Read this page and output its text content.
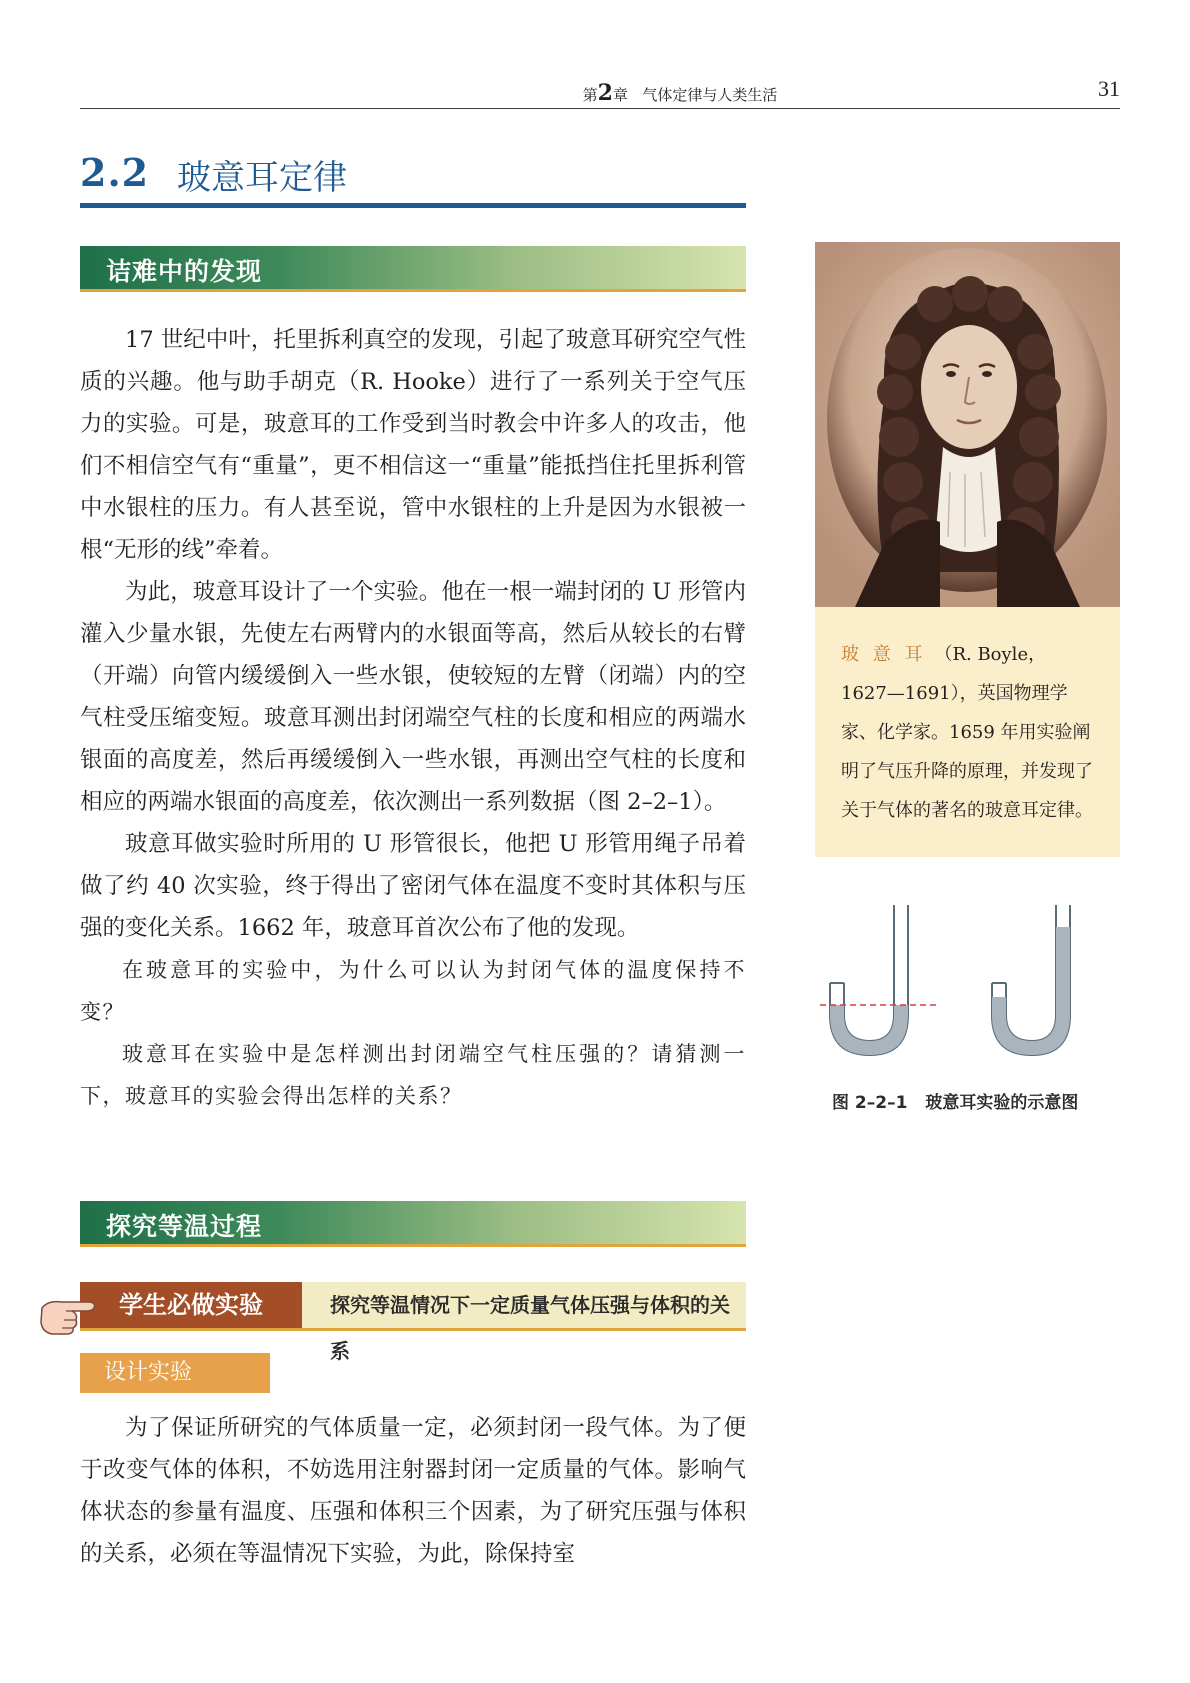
第2章 气体定律与人类生活	31
2.2 玻意耳定律
诘难中的发现

17 世纪中叶，托里拆利真空的发现，引起了玻意耳研究空气性质的兴趣。他与助手胡克（R. Hooke）进行了一系列关于空气压力的实验。可是，玻意耳的工作受到当时教会中许多人的攻击，他们不相信空气有“重量”，更不相信这一“重量”能抵挡住托里拆利管中水银柱的压力。有人甚至说，管中水银柱的上升是因为水银被一根“无形的线”牵着。

为此，玻意耳设计了一个实验。他在一根一端封闭的 U 形管内灌入少量水银，先使左右两臂内的水银面等高，然后从较长的右臂（开端）向管内缓缓倒入一些水银，使较短的左臂（闭端）内的空气柱受压缩变短。玻意耳测出封闭端空气柱的长度和相应的两端水银面的高度差，然后再缓缓倒入一些水银，再测出空气柱的长度和相应的两端水银面的高度差，依次测出一系列数据（图 2–2–1）。

玻意耳做实验时所用的 U 形管很长，他把 U 形管用绳子吊着做了约 40 次实验，终于得出了密闭气体在温度不变时其体积与压强的变化关系。1662 年，玻意耳首次公布了他的发现。

在玻意耳的实验中，为什么可以认为封闭气体的温度保持不变？

玻意耳在实验中是怎样测出封闭端空气柱压强的？请猜测一下，玻意耳的实验会得出怎样的关系？

探究等温过程
学生必做实验	探究等温情况下一定质量气体压强与体积的关系
设计实验

为了保证所研究的气体质量一定，必须封闭一段气体。为了便于改变气体的体积，不妨选用注射器封闭一定质量的气体。影响气体状态的参量有温度、压强和体积三个因素，为了研究压强与体积的关系，必须在等温情况下实验，为此，除保持室

玻 意 耳 （R. Boyle， 1627—1691），英国物理学家、化学家。1659 年用实验阐明了气压升降的原理，并发现了关于气体的著名的玻意耳定律。
图 2–2–1 玻意耳实验的示意图
